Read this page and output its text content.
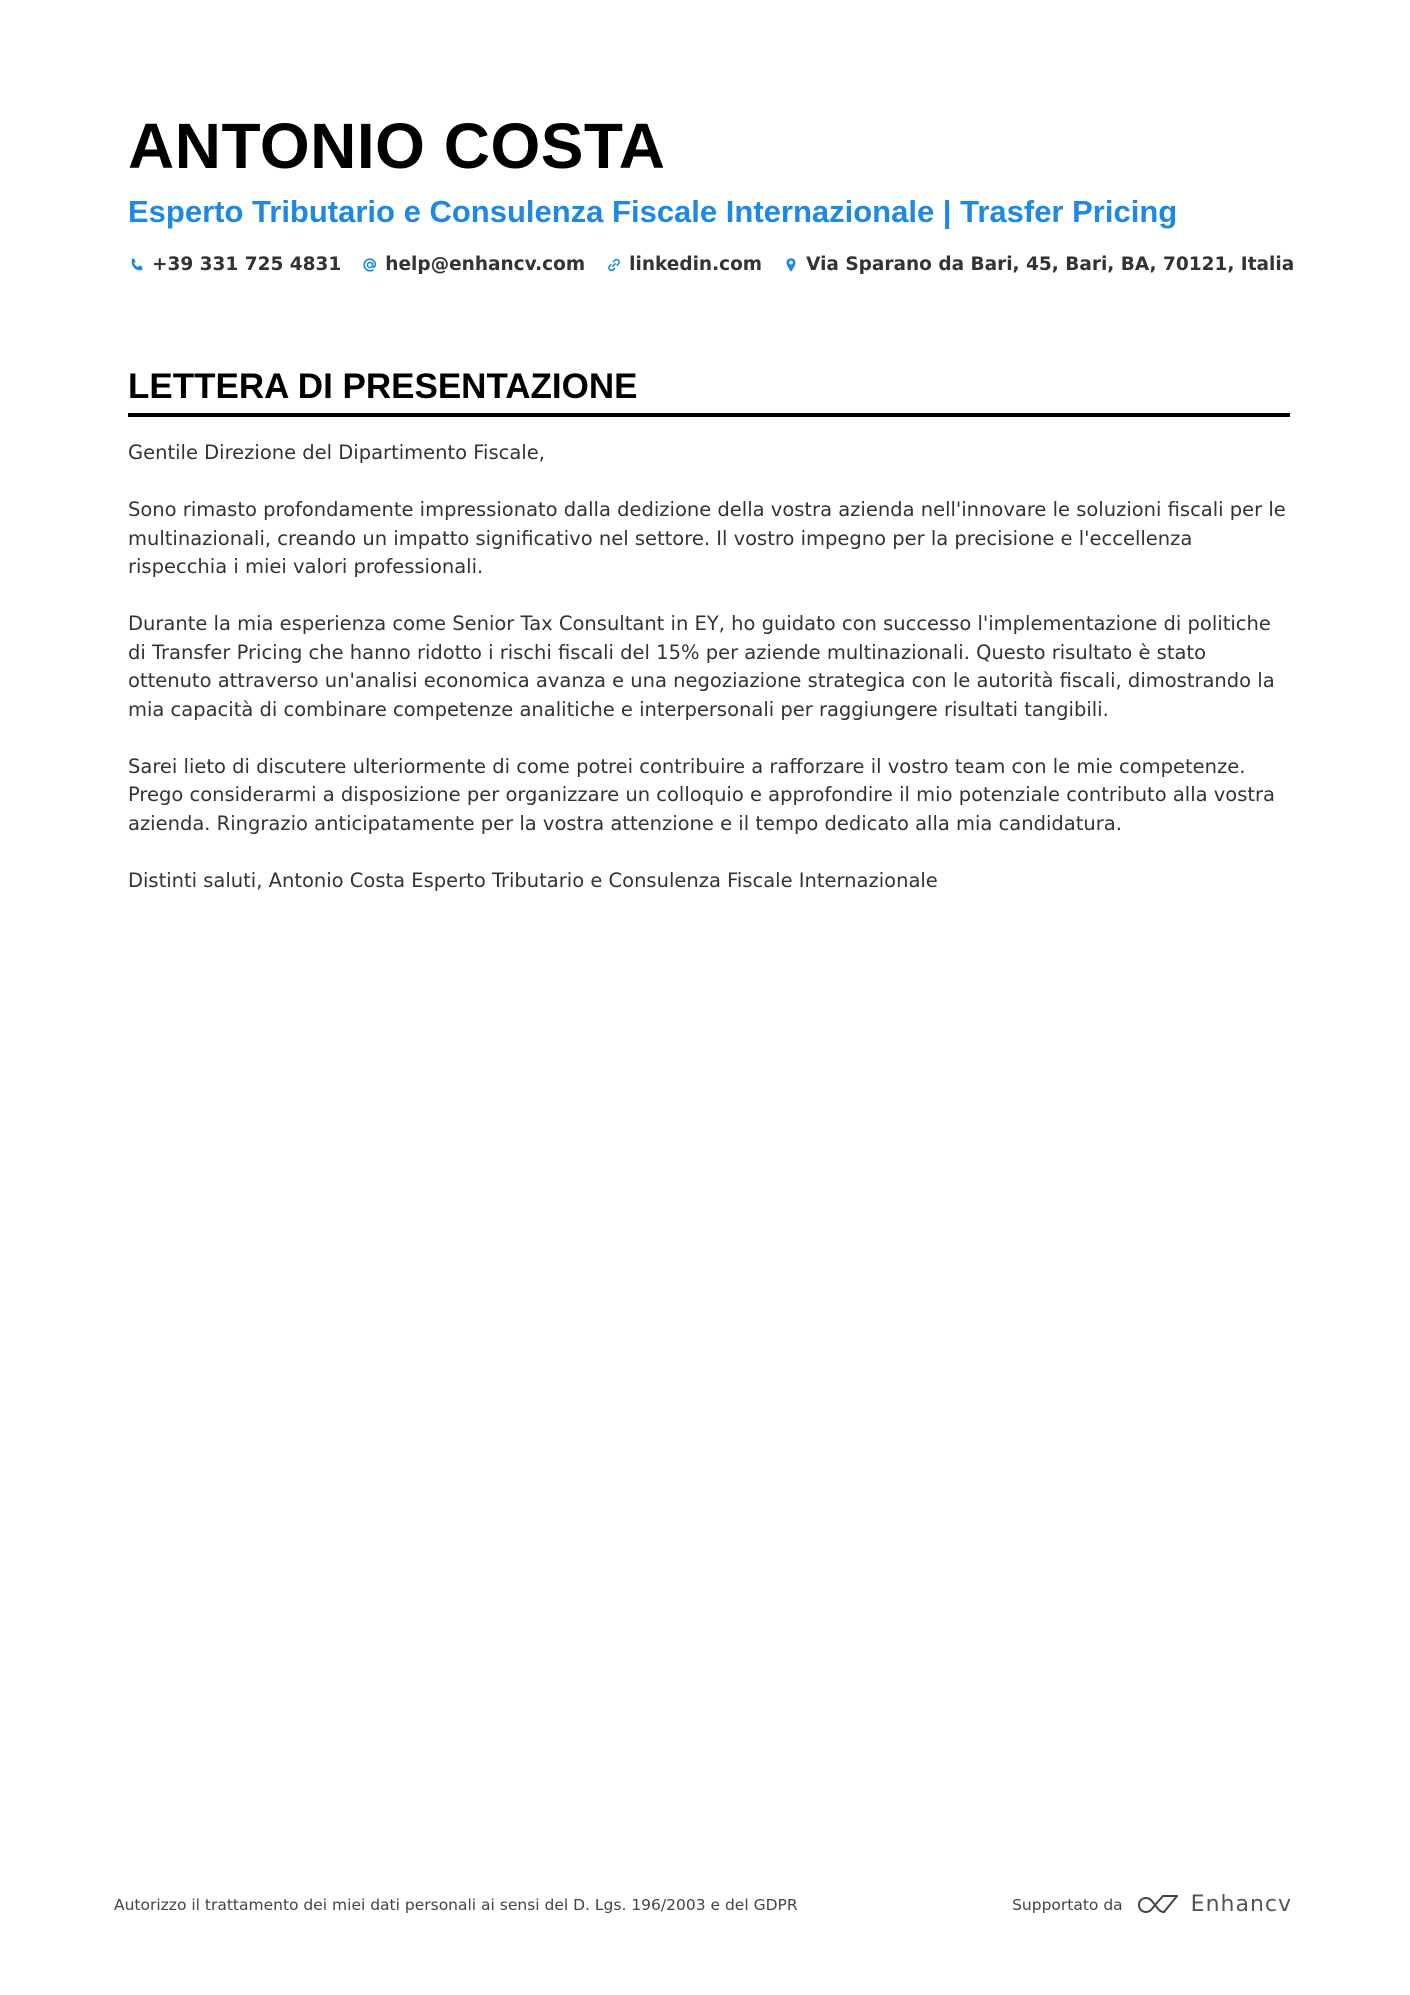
ANTONIO COSTA
Esperto Tributario e Consulenza Fiscale Internazionale | Trasfer Pricing
+39 331 725 4831 help@enhancv.com linkedin.com Via Sparano da Bari, 45, Bari, BA, 70121, Italia
LETTERA DI PRESENTAZIONE

Gentile Direzione del Dipartimento Fiscale,

Sono rimasto profondamente impressionato dalla dedizione della vostra azienda nell'innovare le soluzioni fiscali per le multinazionali, creando un impatto significativo nel settore. Il vostro impegno per la precisione e l'eccellenza rispecchia i miei valori professionali.

Durante la mia esperienza come Senior Tax Consultant in EY, ho guidato con successo l'implementazione di politiche di Transfer Pricing che hanno ridotto i rischi fiscali del 15% per aziende multinazionali. Questo risultato è stato ottenuto attraverso un'analisi economica avanza e una negoziazione strategica con le autorità fiscali, dimostrando la mia capacità di combinare competenze analitiche e interpersonali per raggiungere risultati tangibili.

Sarei lieto di discutere ulteriormente di come potrei contribuire a rafforzare il vostro team con le mie competenze. Prego considerarmi a disposizione per organizzare un colloquio e approfondire il mio potenziale contributo alla vostra azienda. Ringrazio anticipatamente per la vostra attenzione e il tempo dedicato alla mia candidatura.

Distinti saluti, Antonio Costa Esperto Tributario e Consulenza Fiscale Internazionale

Autorizzo il trattamento dei miei dati personali ai sensi del D. Lgs. 196/2003 e del GDPR	Supportato da	Enhancv
